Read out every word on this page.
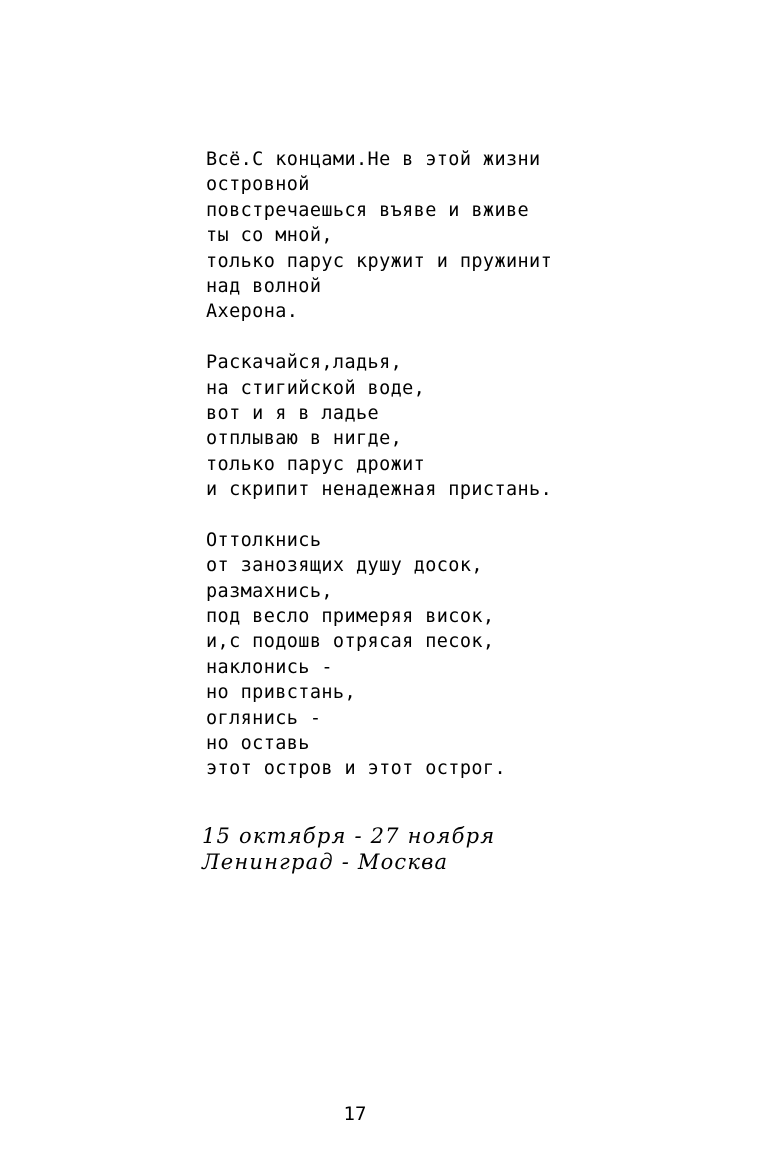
Всё.С концами.Не в этой жизни
островной
повстречаешься въяве и вживе
ты со мной,
только парус кружит и пружинит
над волной
Ахерона.
Раскачайся,ладья,
на стигийской воде,
вот и я в ладье
отплываю в нигде,
только парус дрожит
и скрипит ненадежная пристань.
Оттолкнись
от занозящих душу досок,
размахнись,
под весло примеряя висок,
и,с подошв отрясая песок,
наклонись -
но привстань,
оглянись -
но оставь
этот остров и этот острог.
15 октября - 27 ноября
Ленинград - Москва
17
